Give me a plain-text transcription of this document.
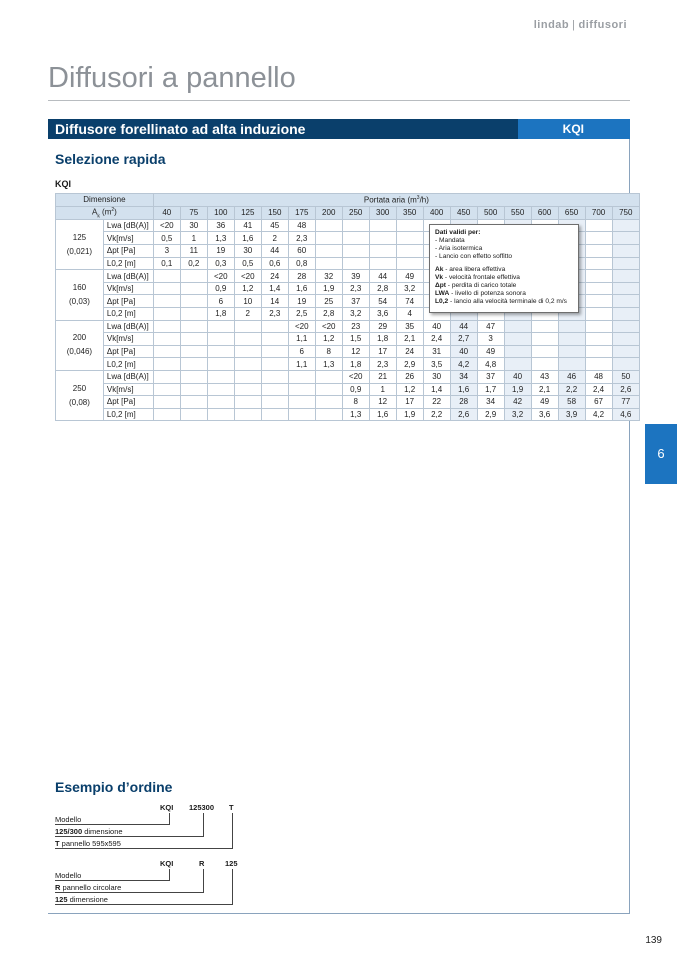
lindab | diffusori
Diffusori a pannello
Diffusore forellinato ad alta induzione	KQI
Selezione rapida
KQI
Dimensione		Portata aria $(m^3/h)$																	
$A_k$ $(m^2)$		40	75	100	125	150	175	200	250	300	350	400	450	500	550	600	650	700	750

125
(0,021)	Lwa [dB(A)]	<20	30	36	41	45	48												
	Vk[m/s]	0,5	1	1,3	1,6	2	2,3												
	Δpt [Pa]	3	11	19	30	44	60												
	L0,2 [m]	0,1	0,2	0,3	0,5	0,6	0,8												

160
(0,03)	Lwa [dB(A)]			<20	<20	24	28	32	39	44	49								
	Vk[m/s]			0,9	1,2	1,4	1,6	1,9	2,3	2,8	3,2								
	Δpt [Pa]			6	10	14	19	25	37	54	74								
	L0,2 [m]			1,8	2	2,3	2,5	2,8	3,2	3,6	4								

200
(0,046)	Lwa [dB(A)]						<20	<20	23	29	35	40	44	47					
	Vk[m/s]						1,1	1,2	1,5	1,8	2,1	2,4	2,7	3					
	Δpt [Pa]						6	8	12	17	24	31	40	49					
	L0,2 [m]						1,1	1,3	1,8	2,3	2,9	3,5	4,2	4,8					

250
(0,08)	Lwa [dB(A)]								<20	21	26	30	34	37	40	43	46	48	50
	Vk[m/s]								0,9	1	1,2	1,4	1,6	1,7	1,9	2,1	2,2	2,4	2,6
	Δpt [Pa]								8	12	17	22	28	34	42	49	58	67	77
	L0,2 [m]								1,3	1,6	1,9	2,2	2,6	2,9	3,2	3,6	3,9	4,2	4,6
Dati validi per:
- Mandata
- Aria isotermica
- Lancio con effetto soffitto
Ak - area libera effettiva
Vk - velocità frontale effettiva
Δpt - perdita di carico totale
LWA - livello di potenza sonora
L0,2 - lancio alla velocità terminale di 0,2 m/s
6
Esempio d’ordine
KQI 125300 T
Modello
125/300 dimensione
T pannello 595x595
KQI	R	125
Modello
R pannello circolare
125 dimensione
139
